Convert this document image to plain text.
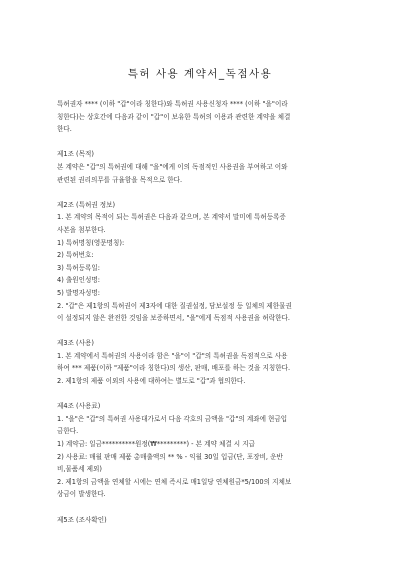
특허 사용 계약서_독점사용
특허권자 **** (이하 "갑"이라 칭한다)와 특허권 사용신청자 **** (이하 "을"이라
칭한다)는 상호간에 다음과 같이 "갑"이 보유한 특허의 이용과 관련한 계약을 체결
한다.
제1조 (목적)
본 계약은 "갑"의 특허권에 대해 "을"에게 이의 독점적인 사용권을 부여하고 이와
관련된 권리의무를 규율함을 목적으로 한다.
제2조 (특허권 정보)
1. 본 계약의 목적이 되는 특허권은 다음과 같으며, 본 계약서 말미에 특허등록증
사본을 첨부한다.
1) 특허명칭(영문명칭):
2) 특허번호:
3) 특허등록일:
4) 출원인성명:
5) 발명자성명:
2. "갑"은 제1항의 특허권이 제3자에 대한 질권설정, 담보설정 등 일체의 제한물권
이 설정되지 않은 완전한 것임을 보증하면서, "을"에게 독점적 사용권을 허락한다.
제3조 (사용)
1. 본 계약에서 특허권의 사용이라 함은 "을"이 "갑"의 특허권을 독점적으로 사용
하여 *** 제품(이하 "제품"이라 칭한다)의 생산, 판매, 배포를 하는 것을 지칭한다.
2. 제1항의 제품 이외의 사용에 대하여는 별도로 "갑"과 협의한다.
제4조 (사용료)
1. "을"은 "갑"의 특허권 사용대가로서 다음 각호의 금액을 "갑"의 계좌에 현금입
금한다.
1) 계약금: 일금**********원정(₩*********) - 본 계약 체결 시 지급
2) 사용료: 매월 판매 제품 총매출액의 ** % - 익월 30일 입금(단, 포장비, 운반
비,물품세 제외)
2. 제1항의 금액을 연체할 시에는 연체 즉시로 매1일당 연체원금*5/100의 지체보
상금이 발생한다.
제5조 (조사확인)
